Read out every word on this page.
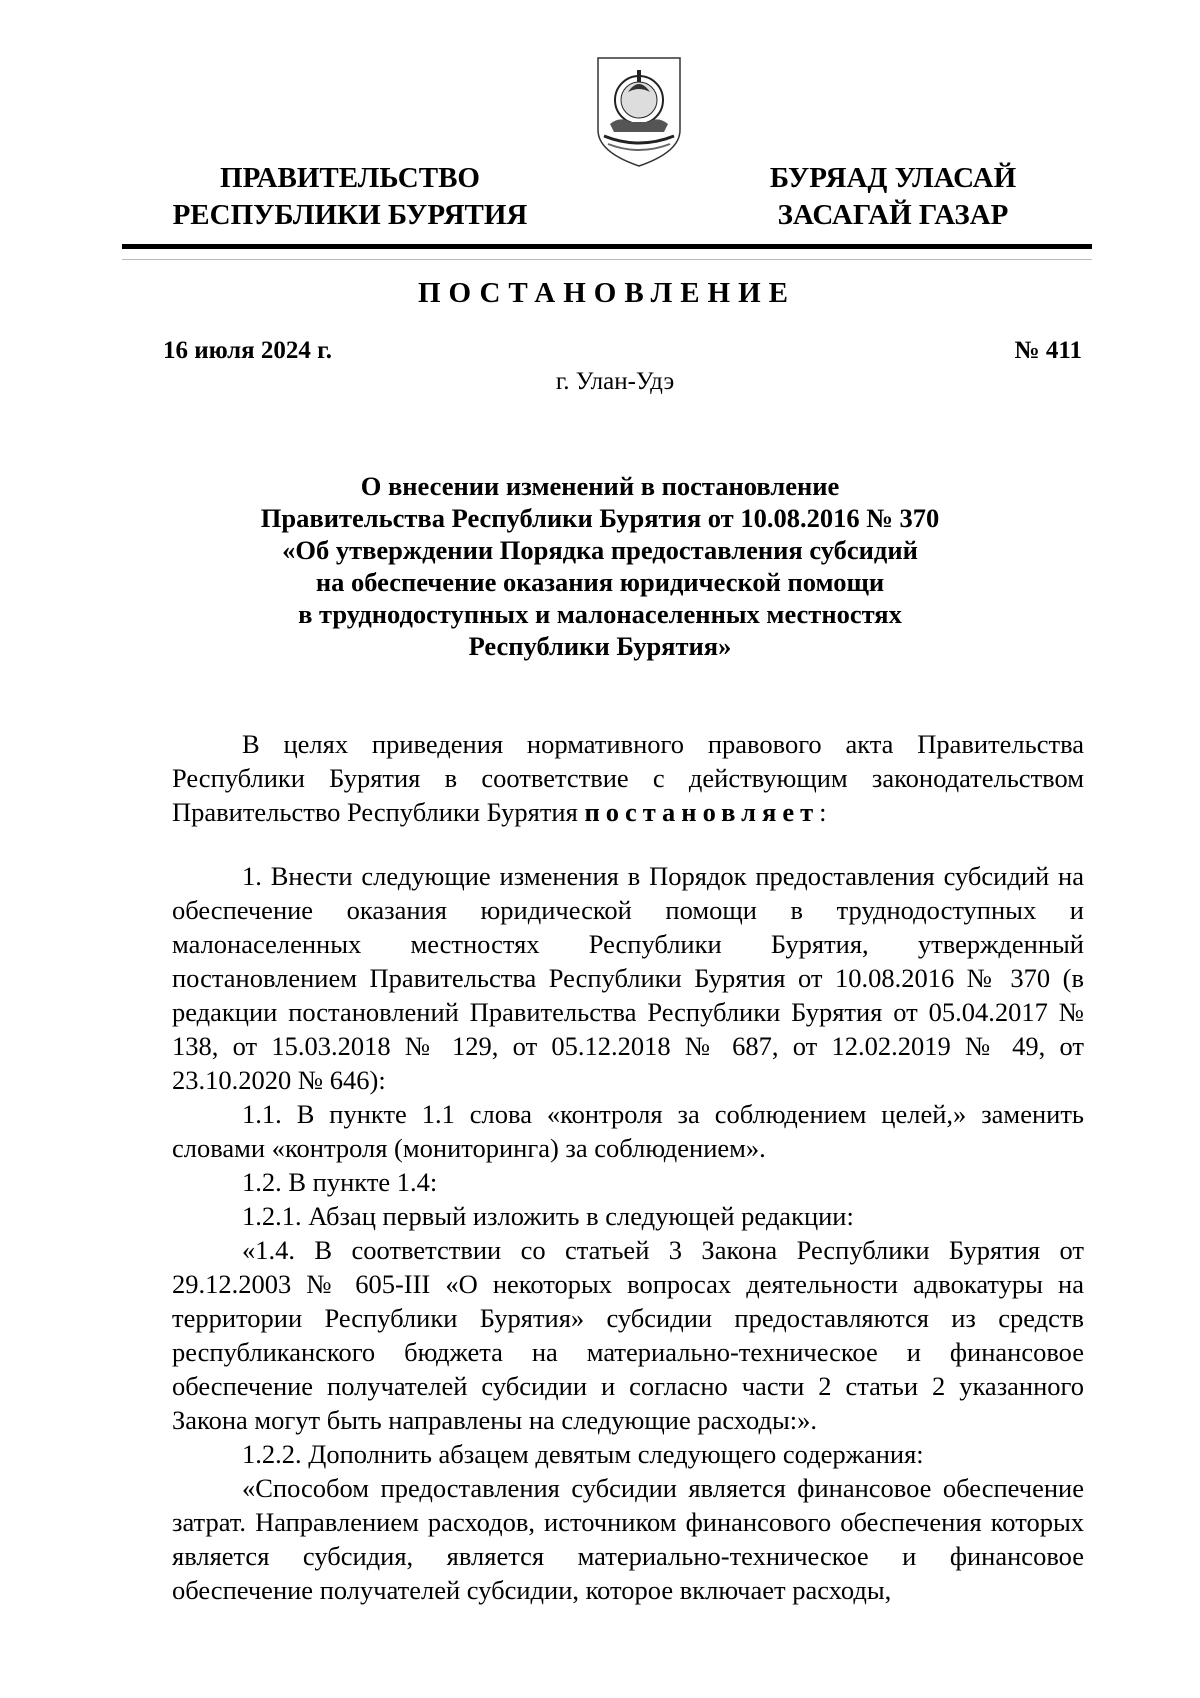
ПРАВИТЕЛЬСТВО
РЕСПУБЛИКИ БУРЯТИЯ
БУРЯАД УЛАСАЙ
ЗАСАГАЙ ГАЗАР
ПОСТАНОВЛЕНИЕ
16 июля 2024 г.	№ 411
г. Улан-Удэ
О внесении изменений в постановление
Правительства Республики Бурятия от 10.08.2016 № 370
«Об утверждении Порядка предоставления субсидий
на обеспечение оказания юридической помощи
в труднодоступных и малонаселенных местностях
Республики Бурятия»

В целях приведения нормативного правового акта Правительства Республики Бурятия в соответствие с действующим законодательством Правительство Республики Бурятия постановляет:

1. Внести следующие изменения в Порядок предоставления субсидий на обеспечение оказания юридической помощи в труднодоступных и малонаселенных местностях Республики Бурятия, утвержденный постановлением Правительства Республики Бурятия от 10.08.2016 № 370 (в редакции постановлений Правительства Республики Бурятия от 05.04.2017 № 138, от 15.03.2018 № 129, от 05.12.2018 № 687, от 12.02.2019 № 49, от 23.10.2020 № 646):

1.1. В пункте 1.1 слова «контроля за соблюдением целей,» заменить словами «контроля (мониторинга) за соблюдением».

1.2. В пункте 1.4:

1.2.1. Абзац первый изложить в следующей редакции:

«1.4. В соответствии со статьей 3 Закона Республики Бурятия от 29.12.2003 № 605-III «О некоторых вопросах деятельности адвокатуры на территории Республики Бурятия» субсидии предоставляются из средств республиканского бюджета на материально-техническое и финансовое обеспечение получателей субсидии и согласно части 2 статьи 2 указанного Закона могут быть направлены на следующие расходы:».

1.2.2. Дополнить абзацем девятым следующего содержания:

«Способом предоставления субсидии является финансовое обеспечение затрат. Направлением расходов, источником финансового обеспечения которых является субсидия, является материально-техническое и финансовое обеспечение получателей субсидии, которое включает расходы,
